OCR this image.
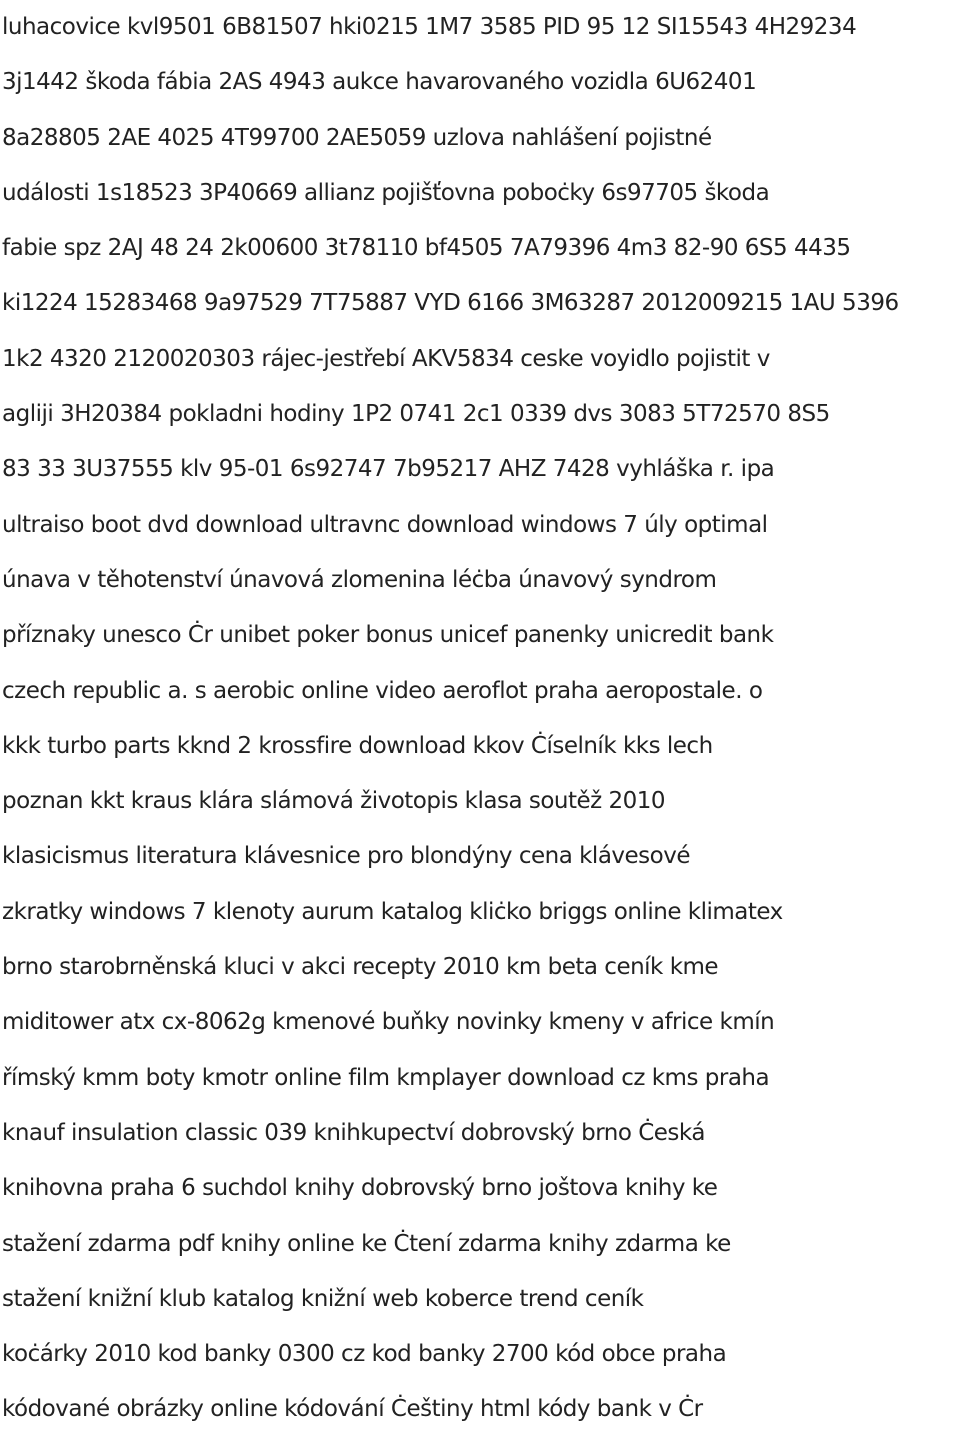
luhacovice kvl9501 6B81507 hki0215 1M7 3585 PID 95 12 SI15543 4H29234
3j1442 škoda fábia 2AS 4943 aukce havarovaného vozidla 6U62401
8a28805 2AE 4025 4T99700 2AE5059 uzlova nahlášení pojistné
události 1s18523 3P40669 allianz pojišťovna poboċky 6s97705 škoda
fabie spz 2AJ 48 24 2k00600 3t78110 bf4505 7A79396 4m3 82-90 6S5 4435
ki1224 15283468 9a97529 7T75887 VYD 6166 3M63287 2012009215 1AU 5396
1k2 4320 2120020303 rájec-jestřebí AKV5834 ceske voyidlo pojistit v
agliji 3H20384 pokladni hodiny 1P2 0741 2c1 0339 dvs 3083 5T72570 8S5
83 33 3U37555 klv 95-01 6s92747 7b95217 AHZ 7428 vyhláška r. ipa
ultraiso boot dvd download ultravnc download windows 7 úly optimal
únava v těhotenství únavová zlomenina léċba únavový syndrom
příznaky unesco Ċr unibet poker bonus unicef panenky unicredit bank
czech republic a. s aerobic online video aeroflot praha aeropostale. o
kkk turbo parts kknd 2 krossfire download kkov Ċíselník kks lech
poznan kkt kraus klára slámová životopis klasa soutěž 2010
klasicismus literatura klávesnice pro blondýny cena klávesové
zkratky windows 7 klenoty aurum katalog kliċko briggs online klimatex
brno starobrněnská kluci v akci recepty 2010 km beta ceník kme
miditower atx cx-8062g kmenové buňky novinky kmeny v africe kmín
římský kmm boty kmotr online film kmplayer download cz kms praha
knauf insulation classic 039 knihkupectví dobrovský brno Ċeská
knihovna praha 6 suchdol knihy dobrovský brno joštova knihy ke
stažení zdarma pdf knihy online ke Ċtení zdarma knihy zdarma ke
stažení knižní klub katalog knižní web koberce trend ceník
koċárky 2010 kod banky 0300 cz kod banky 2700 kód obce praha
kódované obrázky online kódování Ċeštiny html kódy bank v Ċr
